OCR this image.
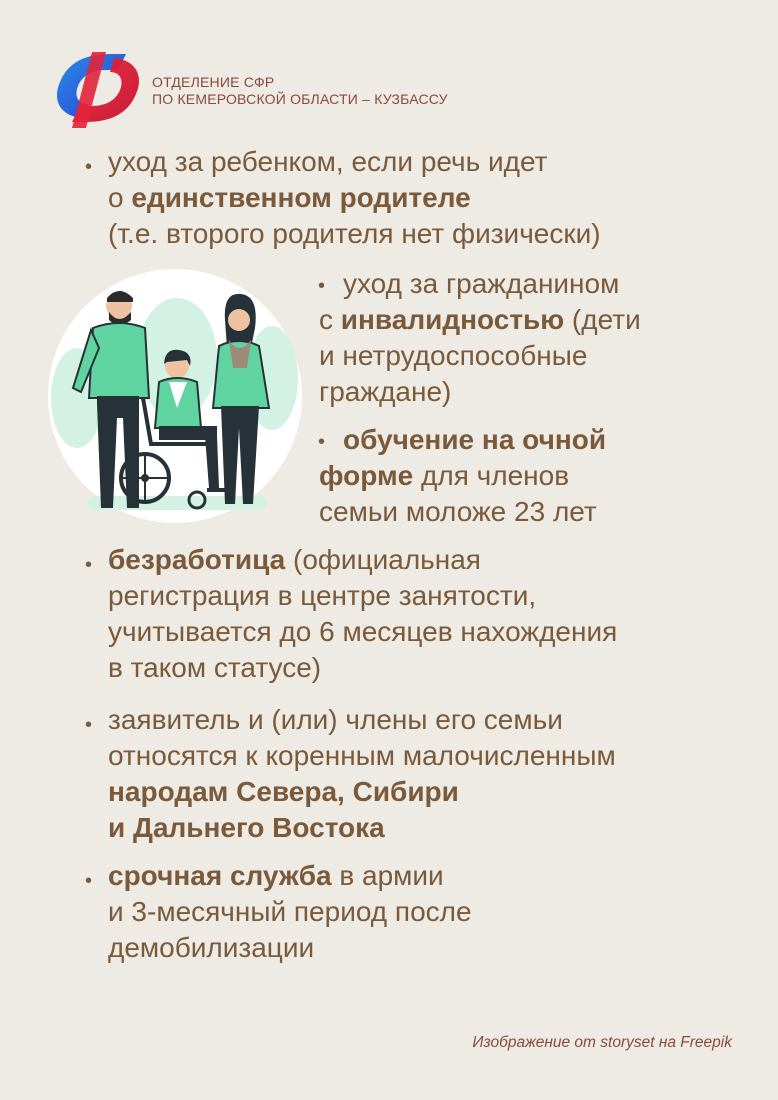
ОТДЕЛЕНИЕ СФР
ПО КЕМЕРОВСКОЙ ОБЛАСТИ – КУЗБАССУ
• уход за ребенком, если речь идет
о единственном родителе
(т.е. второго родителя нет физически)
• уход за гражданином
с инвалидностью (дети
и нетрудоспособные
граждане)
• обучение на очной
форме для членов
семьи моложе 23 лет
• безработица (официальная
регистрация в центре занятости,
учитывается до 6 месяцев нахождения
в таком статусе)
• заявитель и (или) члены его семьи
относятся к коренным малочисленным
народам Севера, Сибири
и Дальнего Востока
• срочная служба в армии
и 3-месячный период после
демобилизации
Изображение от storyset на Freepik
